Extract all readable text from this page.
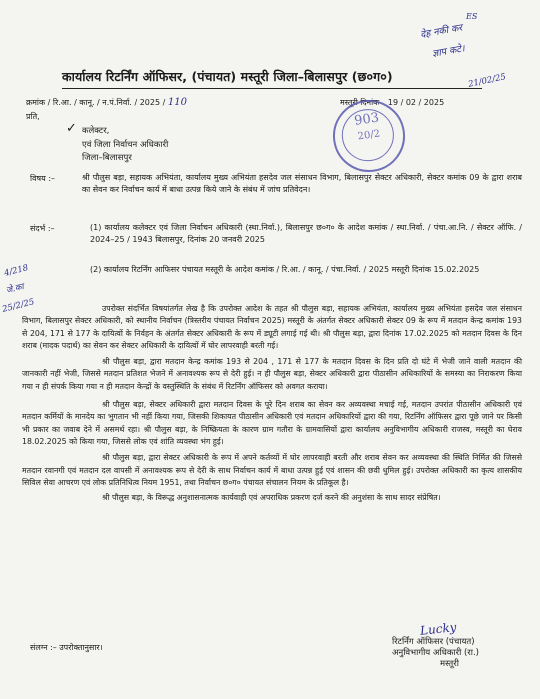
ES
देह नकी कर
ज्ञाप कटे।
21/02/25
कार्यालय रिटर्निंग ऑफिसर, (पंचायत) मस्तूरी जिला–बिलासपुर (छ०ग०)
क्रमांक / रि.आ. / कानू. / न.पं.निर्वा. / 2025 / 110	मस्तूरी दिनांक 19 / 02 / 2025
प्रति,
✓ कलेक्टर,
एवं जिला निर्वाचन अधिकारी
जिला–बिलासपुर
903
20/2
विषय :–	श्री पौलुस बड़ा, सहायक अभियंता, कार्यालय मुख्य अभियंता हसदेव जल संसाधन विभाग, बिलासपुर सेक्टर अधिकारी, सेक्टर कमांक 09 के द्वारा शराब का सेवन कर निर्वाचन कार्य में बाधा उत्पन्न किये जाने के संबंध में जांच प्रतिवेदन।
संदर्भ :–	(1) कार्यालय कलेक्टर एवं जिला निर्वाचन अधिकारी (स्था.निर्वा.), बिलासपुर छ०ग० के आदेश कमांक / स्था.निर्वा. / पंचा.आ.नि. / सेक्टर ऑफि. / 2024–25 / 1943 बिलासपुर, दिनांक 20 जनवरी 2025
(2) कार्यालय रिटर्निंग आफिसर पंचायत मस्तूरी के आदेश कमांक / रि.आ. / कानू. / पंचा.निर्वा. / 2025 मस्तूरी दिनांक 15.02.2025
4/218
जे.का
25/2/25	उपरोक्त संदर्भित विषयांतर्गत लेख है कि उपरोक्त आदेश के तहत श्री पौलुस बड़ा, सहायक अभियंता, कार्यालय मुख्य अभियंता हसदेव जल संसाधन विभाग, बिलासपुर सेक्टर अधिकारी, को स्थानीय निर्वाचन (त्रिस्तरीय पंचायत निर्वाचन 2025) मस्तूरी के अंतर्गत सेक्टर अधिकारी सेक्टर 09 के रूप में मतदान केन्द्र कमांक 193 से 204, 171 से 177 के दायित्वों के निर्वहन के अंतर्गत सेक्टर अधिकारी के रूप में ड्यूटी लगाई गई थी। श्री पौलुस बड़ा, द्वारा दिनांक 17.02.2025 को मतदान दिवस के दिन शराब (मादक पदार्थ) का सेवन कर सेक्टर अधिकारी के दायित्वों में घोर लापरवाही बरती गई।

श्री पौलुस बड़ा, द्वारा मतदान केन्द्र कमांक 193 से 204 , 171 से 177 के मतदान दिवस के दिन प्रति दो घंटे में भेजी जाने वाली मतदान की जानकारी नहीं भेजी, जिससे मतदान प्रतिशत भेजने में अनावश्यक रूप से देरी हुई। न ही पौलुस बड़ा, सेक्टर अधिकारी द्वारा पीठासीन अधिकारियों के समस्या का निराकरण किया गया न ही संपर्क किया गया न ही मतदान केन्द्रों के वस्तुस्थिति के संबंध में रिटर्निंग ऑफिसर को अवगत कराया।

श्री पौलुस बड़ा, सेक्टर अधिकारी द्वारा मतदान दिवस के पूरे दिन शराब का सेवन कर अव्यवस्था मचाई गई, मतदान उपरांत पीठासीन अधिकारी एवं मतदान कर्मियों के मानदेय का भुगतान भी नहीं किया गया, जिसकी शिकायत पीठासीन अधिकारी एवं मतदान अधिकारियों द्वारा की गया, रिटर्निंग ऑफिसर द्वारा पूछे जाने पर किसी भी प्रकार का जवाब देने में असमर्थ रहा। श्री पौलुस बड़ा, के निष्क्रियता के कारण ग्राम गतौरा के ग्रामवासियों द्वारा कार्यालय अनुविभागीय अधिकारी राजस्व, मस्तूरी का घेराव 18.02.2025 को किया गया, जिससे लोक एवं शांति व्यवस्था भंग हुई।

श्री पौलुस बड़ा, द्वारा सेक्टर अधिकारी के रूप में अपने कर्तव्यों में घोर लापरवाही बरती और शराब सेवन कर अव्यवस्था की स्थिति निर्मित की जिससे मतदान रवानगी एवं मतदान दल वापसी में अनावश्यक रूप से देरी के साथ निर्वाचन कार्य में बाधा उत्पन्न हुई एवं शासन की छवी धुमिल हुई। उपरोक्त अधिकारी का कृत्य शासकीय सिविल सेवा आचरण एवं लोक प्रतिनिधित्व नियम 1951, तथा निर्वाचन छ०ग० पंचायत संचालन नियम के प्रतिकूल है।

श्री पौलुस बड़ा, के विरूद्ध अनुशासनात्मक कार्यवाही एवं अपराधिक प्रकरण दर्ज करने की अनुशंसा के साथ सादर संप्रेषित।

संलग्न :– उपरोक्तानुसार।
Lucky
रिटर्निंग ऑफिसर (पंचायत)
अनुविभागीय अधिकारी (रा.)
मस्तूरी
